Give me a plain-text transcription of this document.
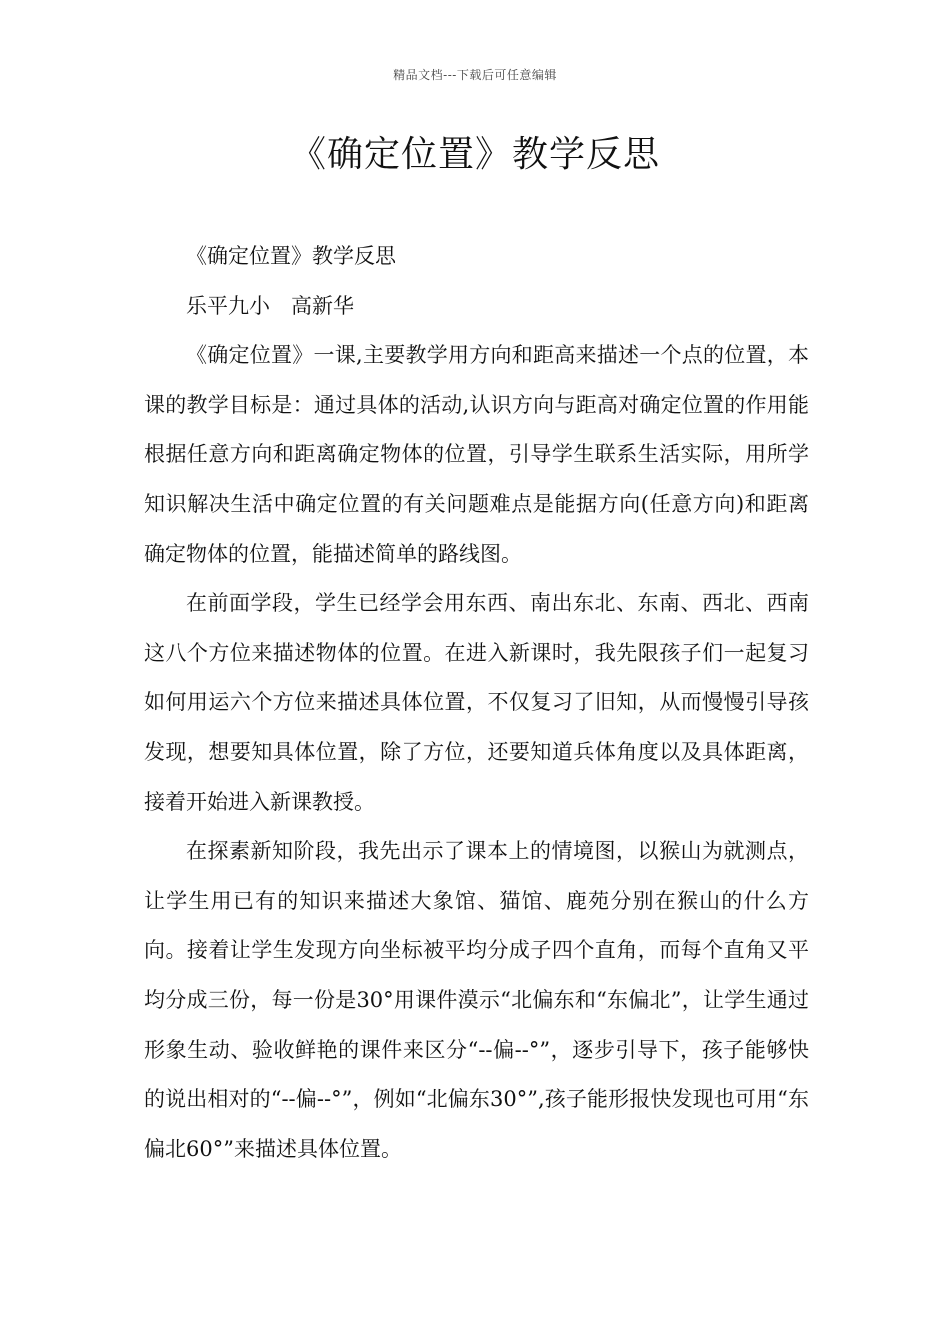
精品文档---下载后可任意编辑
《确定位置》教学反思

《确定位置》教学反思

乐平九小　高新华

《确定位置》一课,主要教学用方向和距高来描述一个点的位置，本课的教学目标是：通过具体的活动,认识方向与距高对确定位置的作用能根据任意方向和距离确定物体的位置，引导学生联系生活实际，用所学知识解决生活中确定位置的有关问题难点是能据方向(任意方向)和距离确定物体的位置，能描述简单的路线图。

在前面学段，学生已经学会用东西、南出东北、东南、西北、西南这八个方位来描述物体的位置。在进入新课时，我先限孩子们一起复习如何用运六个方位来描述具体位置，不仅复习了旧知，从而慢慢引导孩发现，想要知具体位置，除了方位，还要知道兵体角度以及具体距离，接着开始进入新课教授。

在探素新知阶段，我先出示了课本上的情境图，以猴山为就测点，让学生用已有的知识来描述大象馆、猫馆、鹿苑分别在猴山的什么方向。接着让学生发现方向坐标被平均分成子四个直角，而每个直角又平均分成三份，每一份是30°用课件漠示“北偏东和“东偏北”，让学生通过形象生动、验收鲜艳的课件来区分“--偏--°”，逐步引导下，孩子能够快的说出相对的“--偏--°”，例如“北偏东30°”,孩子能形报快发现也可用“东偏北60°”来描述具体位置。
